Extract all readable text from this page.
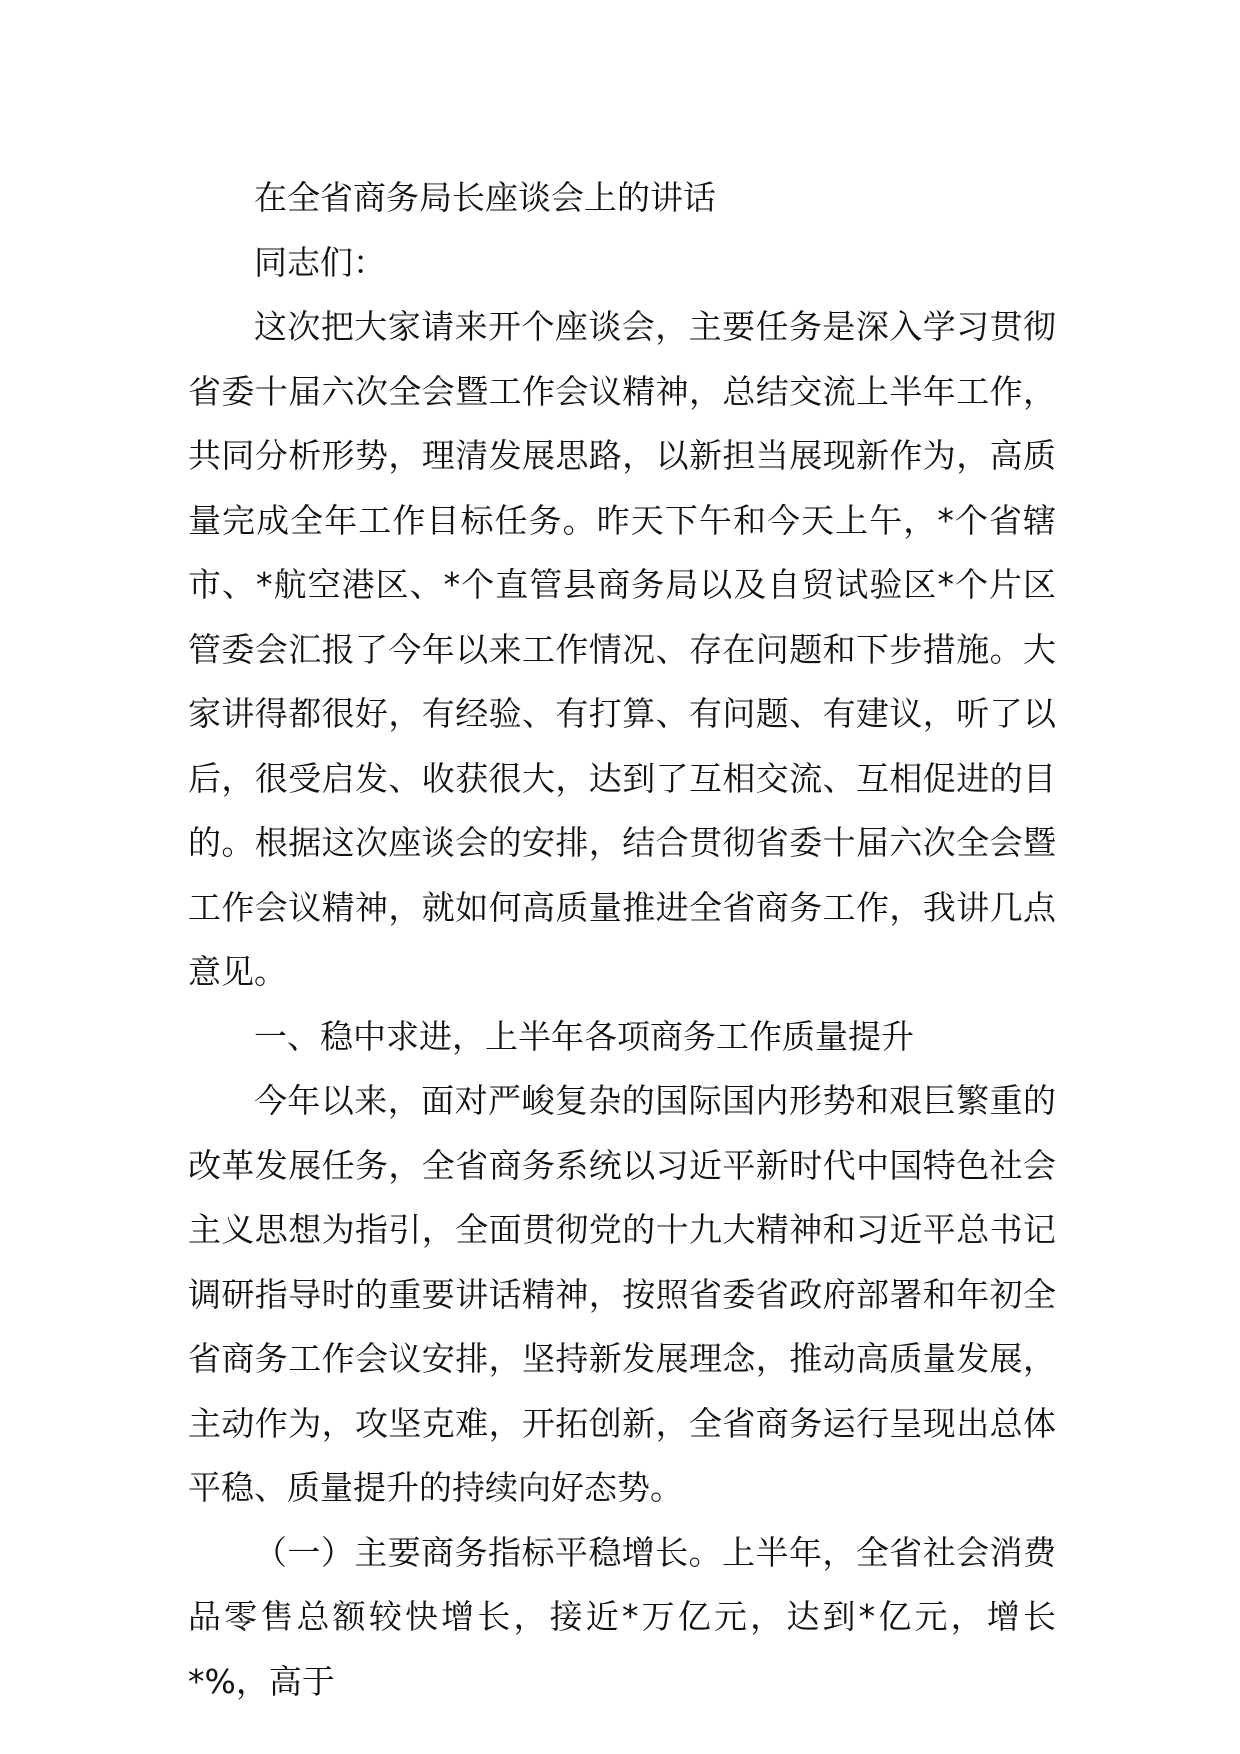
在全省商务局长座谈会上的讲话

同志们：

这次把大家请来开个座谈会，主要任务是深入学习贯彻省委十届六次全会暨工作会议精神，总结交流上半年工作，共同分析形势，理清发展思路，以新担当展现新作为，高质量完成全年工作目标任务。昨天下午和今天上午，*个省辖市、*航空港区、*个直管县商务局以及自贸试验区*个片区管委会汇报了今年以来工作情况、存在问题和下步措施。大家讲得都很好，有经验、有打算、有问题、有建议，听了以后，很受启发、收获很大，达到了互相交流、互相促进的目的。根据这次座谈会的安排，结合贯彻省委十届六次全会暨工作会议精神，就如何高质量推进全省商务工作，我讲几点意见。

一、稳中求进，上半年各项商务工作质量提升

今年以来，面对严峻复杂的国际国内形势和艰巨繁重的改革发展任务，全省商务系统以习近平新时代中国特色社会主义思想为指引，全面贯彻党的十九大精神和习近平总书记调研指导时的重要讲话精神，按照省委省政府部署和年初全省商务工作会议安排，坚持新发展理念，推动高质量发展，主动作为，攻坚克难，开拓创新，全省商务运行呈现出总体平稳、质量提升的持续向好态势。

（一）主要商务指标平稳增长。上半年，全省社会消费品零售总额较快增长，接近*万亿元，达到*亿元，增长*%，高于
